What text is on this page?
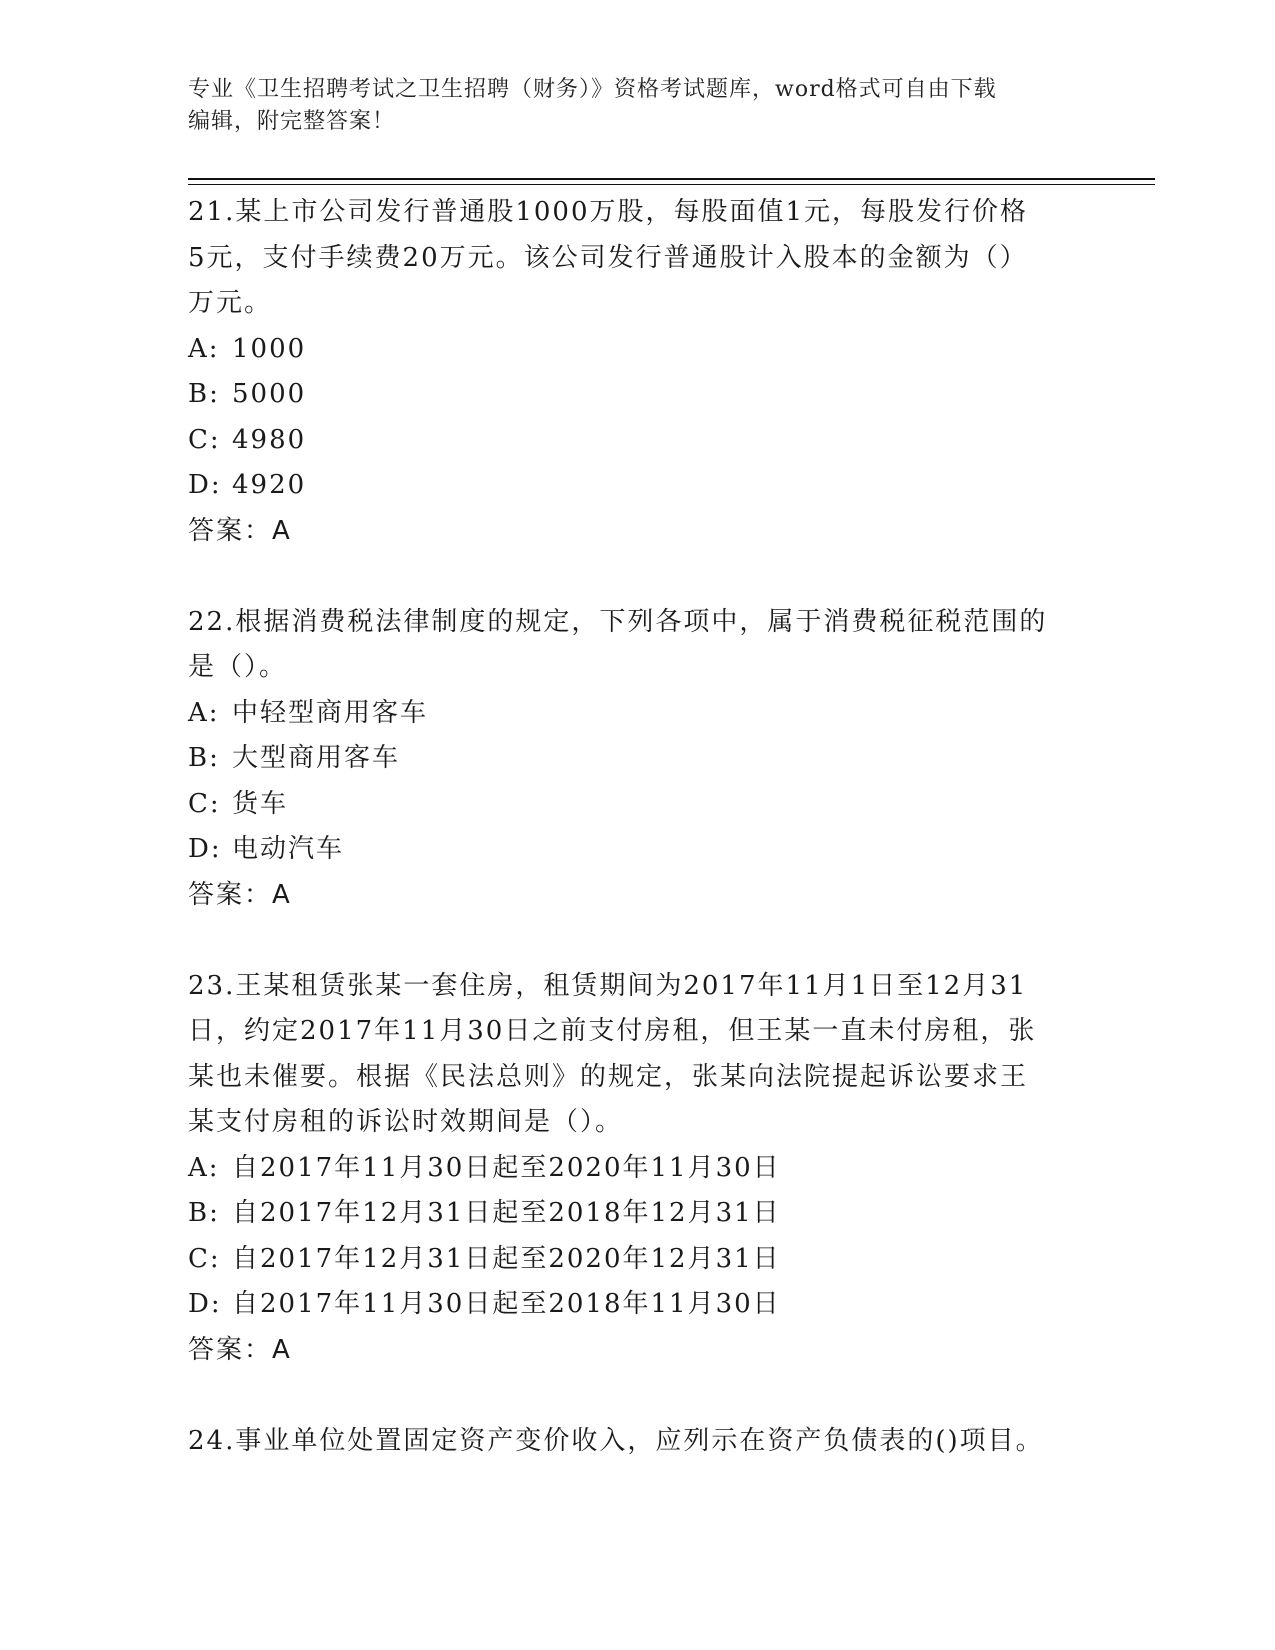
专业《卫生招聘考试之卫生招聘（财务）》资格考试题库，word格式可自由下载
编辑，附完整答案！

21.某上市公司发行普通股1000万股，每股面值1元，每股发行价格

5元，支付手续费20万元。该公司发行普通股计入股本的金额为（）

万元。

A: 1000

B: 5000

C: 4980

D: 4920

答案：A

22.根据消费税法律制度的规定，下列各项中，属于消费税征税范围的

是（）。

A: 中轻型商用客车

B: 大型商用客车

C: 货车

D: 电动汽车

答案：A

23.王某租赁张某一套住房，租赁期间为2017年11月1日至12月31

日，约定2017年11月30日之前支付房租，但王某一直未付房租，张

某也未催要。根据《民法总则》的规定，张某向法院提起诉讼要求王

某支付房租的诉讼时效期间是（）。

A: 自2017年11月30日起至2020年11月30日

B: 自2017年12月31日起至2018年12月31日

C: 自2017年12月31日起至2020年12月31日

D: 自2017年11月30日起至2018年11月30日

答案：A

24.事业单位处置固定资产变价收入，应列示在资产负债表的()项目。
